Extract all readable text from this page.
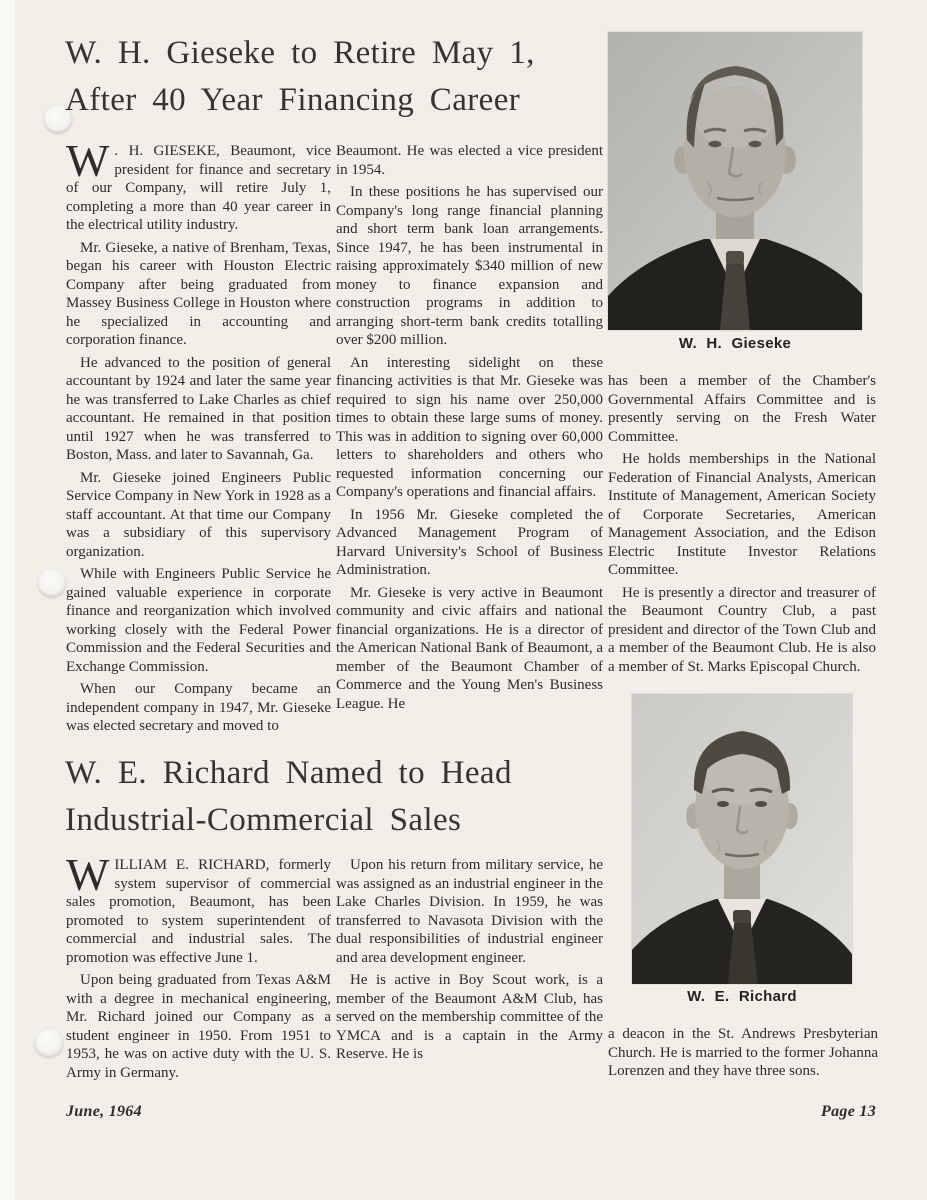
W. H. Gieseke to Retire May 1,
After 40 Year Financing Career

W . H. GIESEKE, Beaumont, vice president for finance and secretary of our Company, will retire July 1, completing a more than 40 year career in the electrical utility industry.

Mr. Gieseke, a native of Brenham, Texas, began his career with Houston Electric Company after being graduated from Massey Business College in Houston where he specialized in accounting and corporation finance.

He advanced to the position of general accountant by 1924 and later the same year he was transferred to Lake Charles as chief accountant. He remained in that position until 1927 when he was transferred to Boston, Mass. and later to Savannah, Ga.

Mr. Gieseke joined Engineers Public Service Company in New York in 1928 as a staff accountant. At that time our Company was a subsidiary of this supervisory organization.

While with Engineers Public Service he gained valuable experience in corporate finance and reorganization which involved working closely with the Federal Power Commission and the Federal Securities and Exchange Commission.

When our Company became an independent company in 1947, Mr. Gieseke was elected secretary and moved to

Beaumont. He was elected a vice president in 1954.

In these positions he has supervised our Company's long range financial planning and short term bank loan arrangements. Since 1947, he has been instrumental in raising approximately $340 million of new money to finance expansion and construction programs in addition to arranging short-term bank credits totalling over $200 million.

An interesting sidelight on these financing activities is that Mr. Gieseke was required to sign his name over 250,000 times to obtain these large sums of money. This was in addition to signing over 60,000 letters to shareholders and others who requested information concerning our Company's operations and financial affairs.

In 1956 Mr. Gieseke completed the Advanced Management Program of Harvard University's School of Business Administration.

Mr. Gieseke is very active in Beaumont community and civic affairs and national financial organizations. He is a director of the American National Bank of Beaumont, a member of the Beaumont Chamber of Commerce and the Young Men's Business League. He

W. H. Gieseke

has been a member of the Chamber's Governmental Affairs Committee and is presently serving on the Fresh Water Committee.

He holds memberships in the National Federation of Financial Analysts, American Institute of Management, American Society of Corporate Secretaries, American Management Association, and the Edison Electric Institute Investor Relations Committee.

He is presently a director and treasurer of the Beaumont Country Club, a past president and director of the Town Club and a member of the Beaumont Club. He is also a member of St. Marks Episcopal Church.

W. E. Richard Named to Head
Industrial-Commercial Sales

WILLIAM E. RICHARD, formerly system supervisor of commercial sales promotion, Beaumont, has been promoted to system superintendent of commercial and industrial sales. The promotion was effective June 1.

Upon being graduated from Texas A&M with a degree in mechanical engineering, Mr. Richard joined our Company as a student engineer in 1950. From 1951 to 1953, he was on active duty with the U. S. Army in Germany.

Upon his return from military service, he was assigned as an industrial engineer in the Lake Charles Division. In 1959, he was transferred to Navasota Division with the dual responsibilities of industrial engineer and area development engineer.

He is active in Boy Scout work, is a member of the Beaumont A&M Club, has served on the membership committee of the YMCA and is a captain in the Army Reserve. He is

W. E. Richard

a deacon in the St. Andrews Presbyterian Church. He is married to the former Johanna Lorenzen and they have three sons.

June, 1964	Page 13
